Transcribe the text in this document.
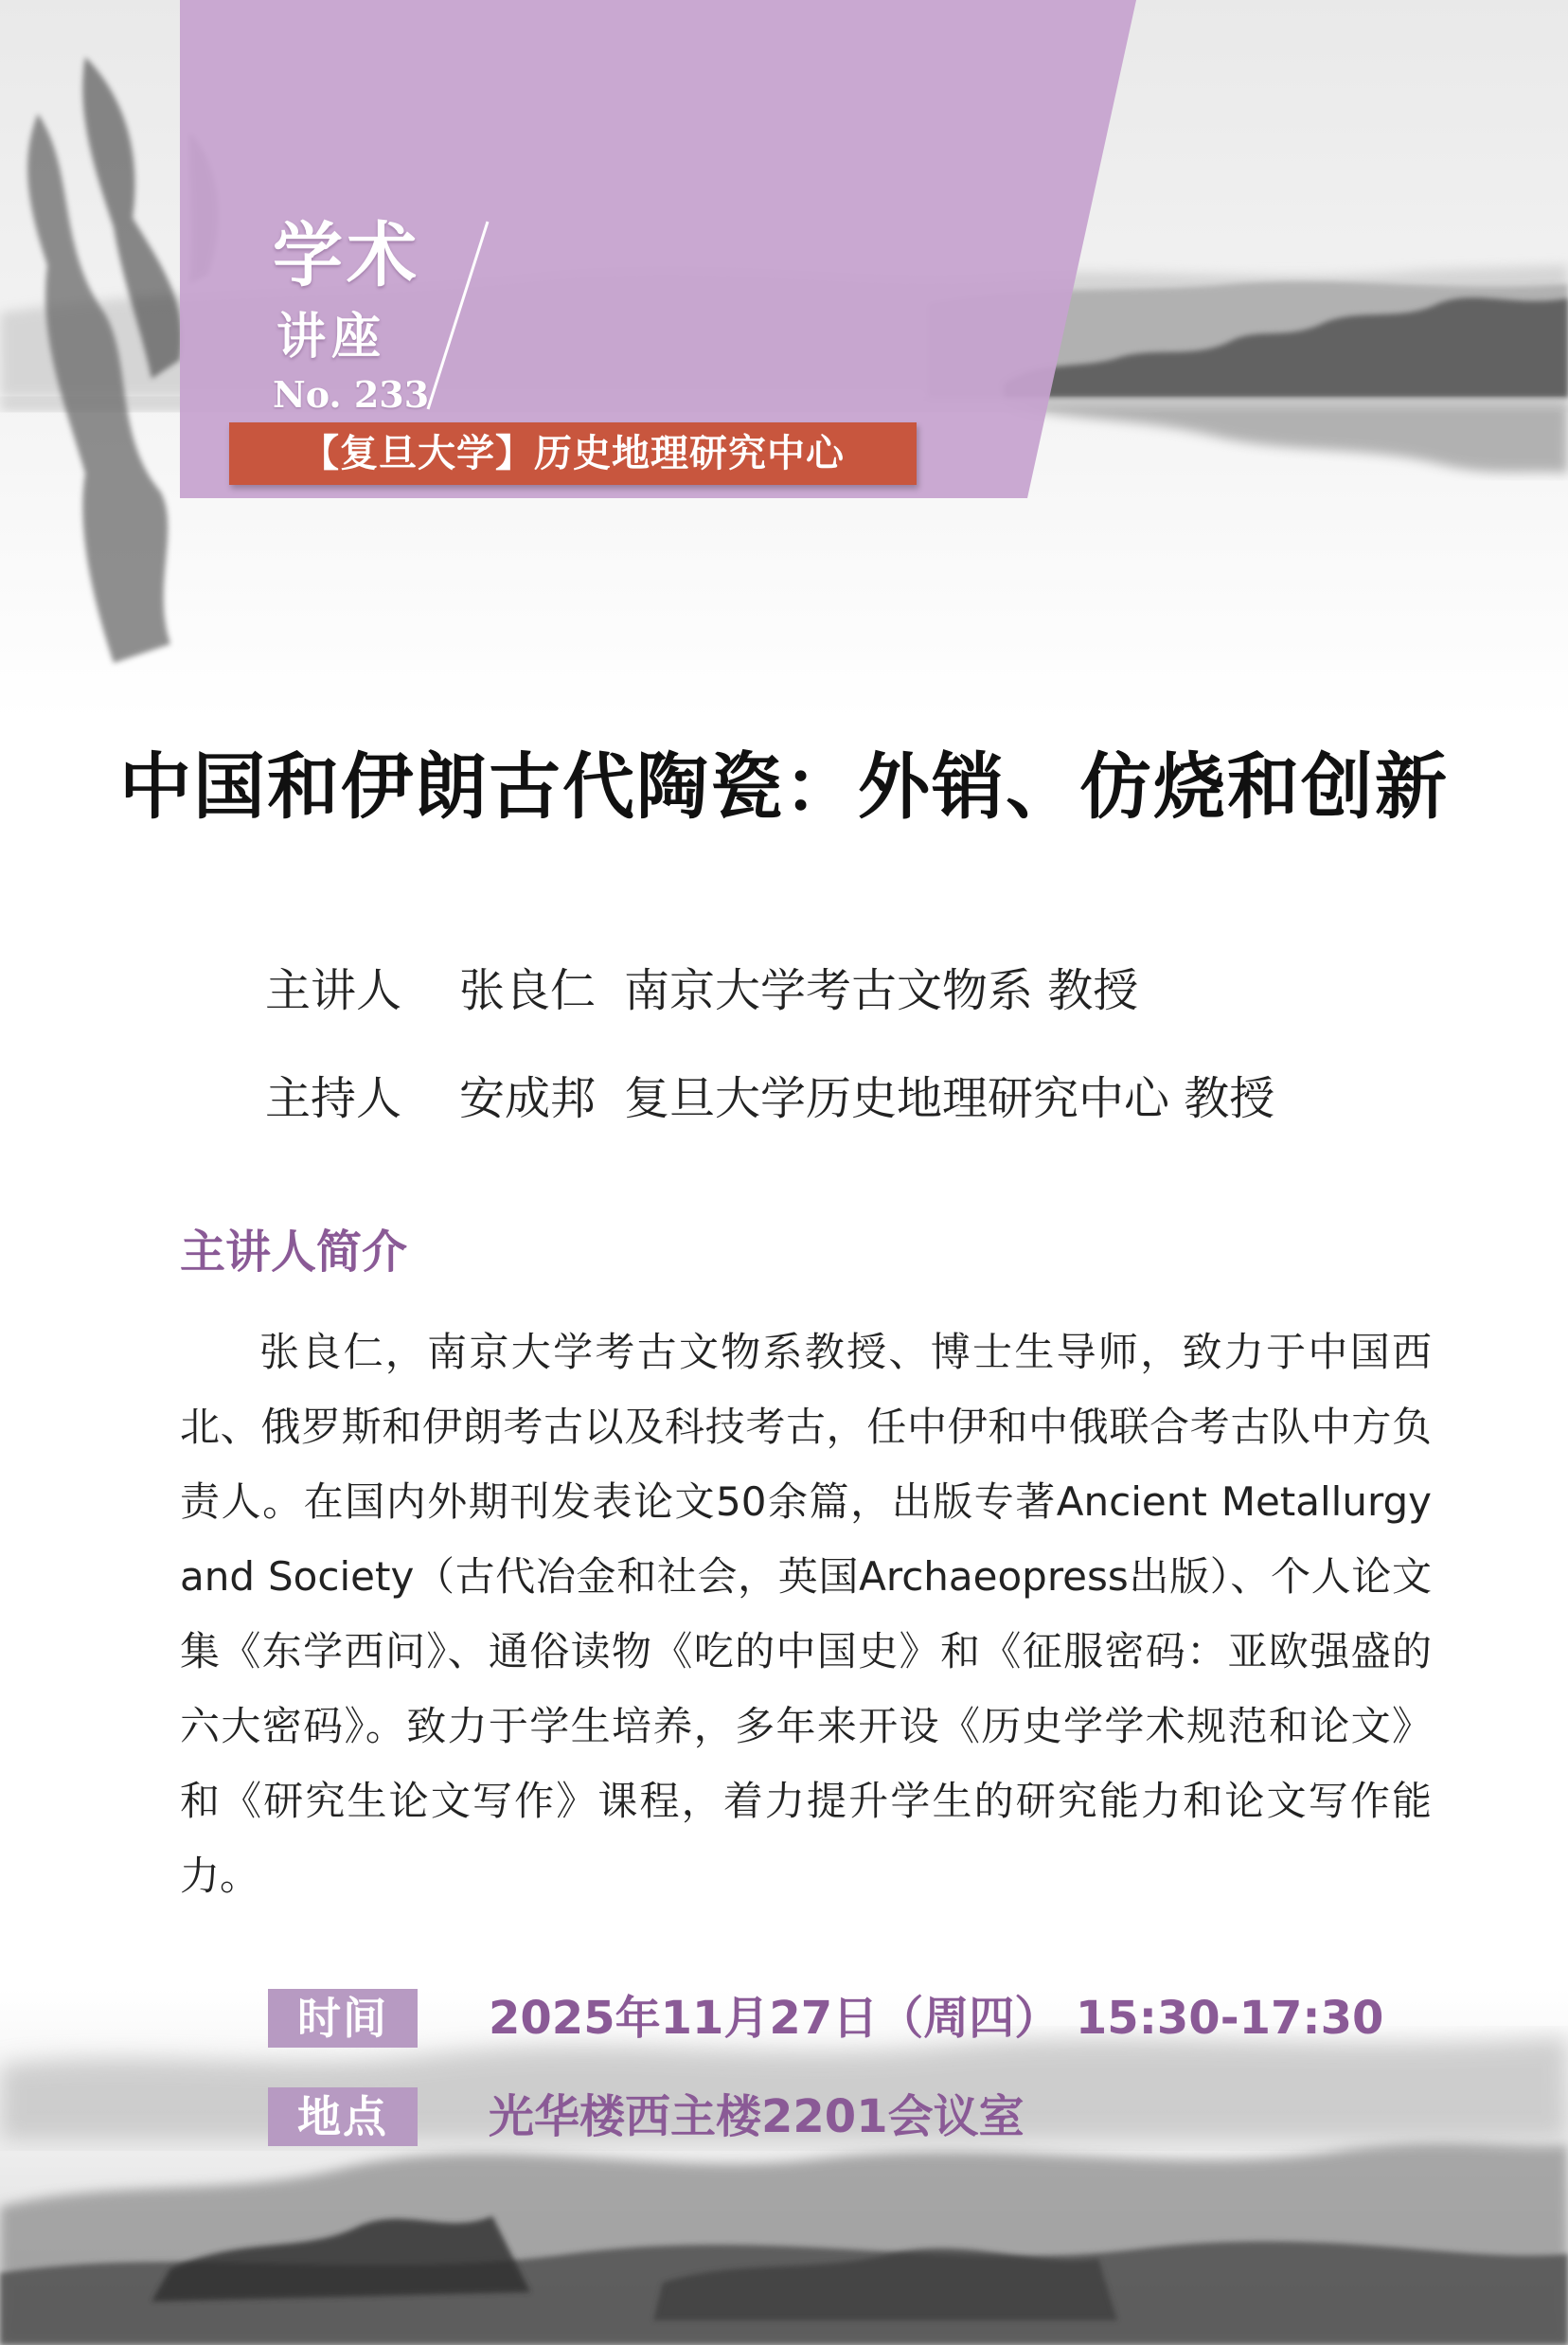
学术
讲座
No. 233
【复旦大学】历史地理研究中心
中国和伊朗古代陶瓷：外销、仿烧和创新
主讲人 张良仁 南京大学考古文物系 教授
主持人 安成邦 复旦大学历史地理研究中心 教授
主讲人简介
张良仁，南京大学考古文物系教授、博士生导师，致力于中国西北、俄罗斯和伊朗考古以及科技考古，任中伊和中俄联合考古队中方负责人。在国内外期刊发表论文50余篇，出版专著Ancient Metallurgy and Society（古代冶金和社会，英国Archaeopress出版）、个人论文集《东学西问》、通俗读物《吃的中国史》和《征服密码：亚欧强盛的六大密码》。致力于学生培养，多年来开设《历史学学术规范和论文》和《研究生论文写作》课程，着力提升学生的研究能力和论文写作能力。
时间	2025年11月27日（周四） 15:30-17:30
地点	光华楼西主楼2201会议室
